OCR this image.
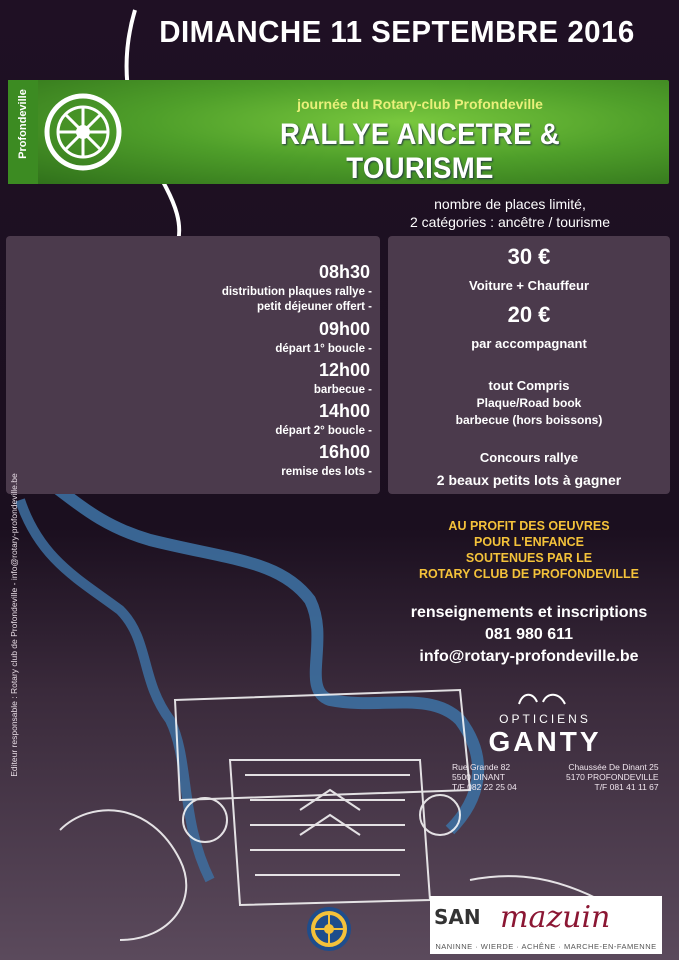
DIMANCHE 11 SEPTEMBRE 2016
Profondeville	journée du Rotary-club Profondeville
RALLYE ANCETRE & TOURISME
nombre de places limité,
2 catégories : ancêtre / tourisme
08h30
distribution plaques rallye -
petit déjeuner offert -
09h00
départ 1° boucle -
12h00
barbecue -
14h00
départ 2° boucle -
16h00
remise des lots -
30 €
Voiture + Chauffeur
20 €
par accompagnant
tout Compris
Plaque/Road book
barbecue (hors boissons)
Concours rallye
2 beaux petits lots à gagner
AU PROFIT DES OEUVRES
POUR L'ENFANCE
SOUTENUES PAR LE
ROTARY CLUB DE PROFONDEVILLE
renseignements et inscriptions
081 980 611
info@rotary-profondeville.be
Editeur responsable : Rotary club de Profondeville - info@rotary-profondeville.be	OPTICIENS
GANTY
Rue Grande 82
5500 DINANT
T/F 082 22 25 04
Chaussée De Dinant 25
5170 PROFONDEVILLE
T/F 081 41 11 67
SAN mazuin
NANINNE · WIERDE · ACHÊNE · MARCHE-EN-FAMENNE
